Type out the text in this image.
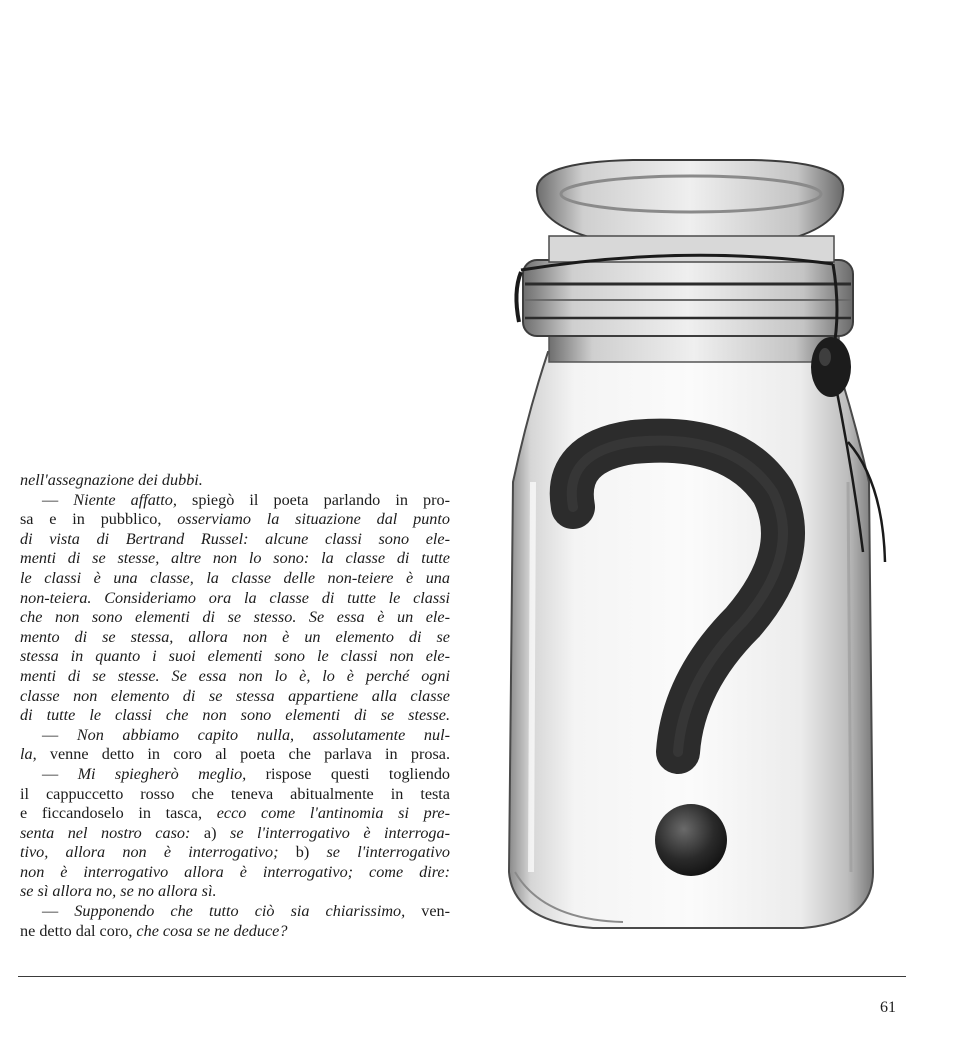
nell'assegnazione dei dubbi.
— Niente affatto, spiegò il poeta parlando in pro-
sa e in pubblico, osserviamo la situazione dal punto
di vista di Bertrand Russel: alcune classi sono ele-
menti di se stesse, altre non lo sono: la classe di tutte
le classi è una classe, la classe delle non-teiere è una
non-teiera. Consideriamo ora la classe di tutte le classi
che non sono elementi di se stesso. Se essa è un ele-
mento di se stessa, allora non è un elemento di se
stessa in quanto i suoi elementi sono le classi non ele-
menti di se stesse. Se essa non lo è, lo è perché ogni
classe non elemento di se stessa appartiene alla classe
di tutte le classi che non sono elementi di se stesse.
— Non abbiamo capito nulla, assolutamente nul-
la, venne detto in coro al poeta che parlava in prosa.
— Mi spiegherò meglio, rispose questi togliendo
il cappuccetto rosso che teneva abitualmente in testa
e ficcandoselo in tasca, ecco come l'antinomia si pre-
senta nel nostro caso: a) se l'interrogativo è interroga-
tivo, allora non è interrogativo; b) se l'interrogativo
non è interrogativo allora è interrogativo; come dire:
se sì allora no, se no allora sì.
— Supponendo che tutto ciò sia chiarissimo, ven-
ne detto dal coro, che cosa se ne deduce?
61
